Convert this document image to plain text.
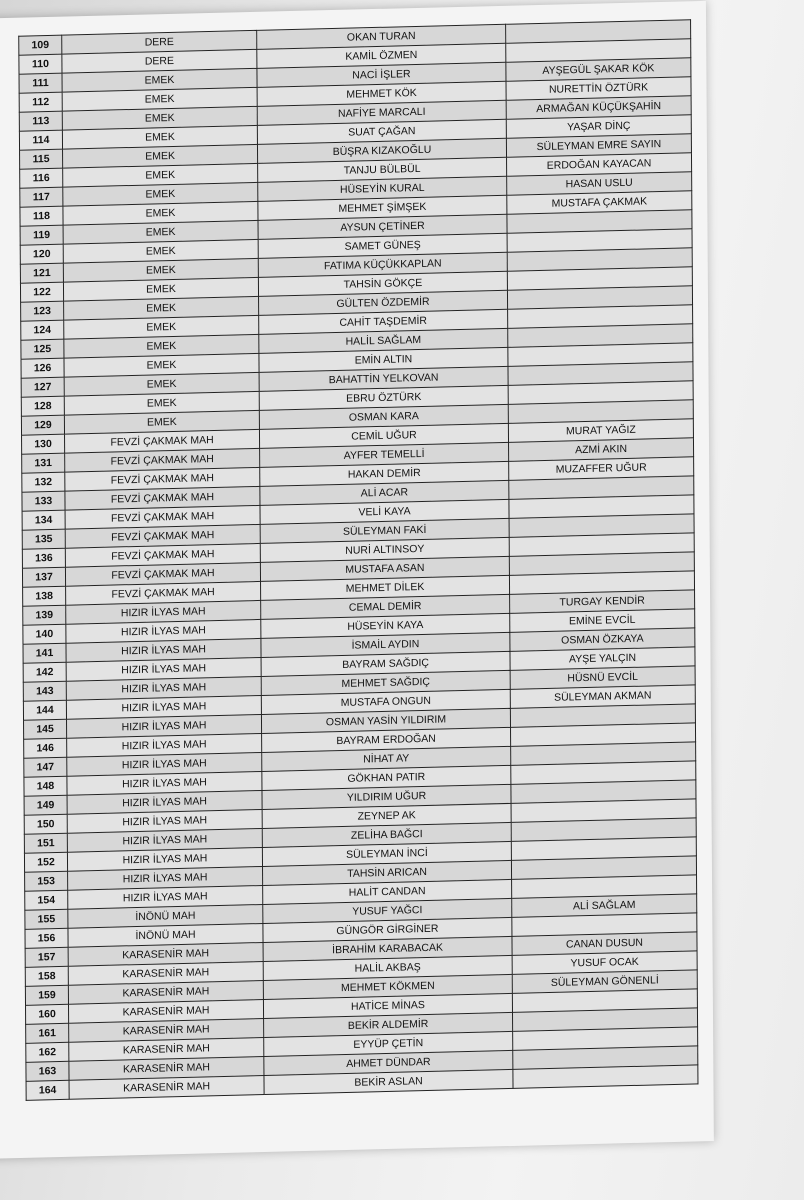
109	DERE	OKAN TURAN	
110	DERE	KAMİL ÖZMEN	
111	EMEK	NACİ İŞLER	AYŞEGÜL ŞAKAR KÖK
112	EMEK	MEHMET KÖK	NURETTİN ÖZTÜRK
113	EMEK	NAFİYE MARCALI	ARMAĞAN KÜÇÜKŞAHİN
114	EMEK	SUAT ÇAĞAN	YAŞAR DİNÇ
115	EMEK	BÜŞRA KIZAKOĞLU	SÜLEYMAN EMRE SAYIN
116	EMEK	TANJU BÜLBÜL	ERDOĞAN KAYACAN
117	EMEK	HÜSEYİN KURAL	HASAN USLU
118	EMEK	MEHMET ŞİMŞEK	MUSTAFA ÇAKMAK
119	EMEK	AYSUN ÇETİNER	
120	EMEK	SAMET GÜNEŞ	
121	EMEK	FATIMA KÜÇÜKKAPLAN	
122	EMEK	TAHSİN GÖKÇE	
123	EMEK	GÜLTEN ÖZDEMİR	
124	EMEK	CAHİT TAŞDEMİR	
125	EMEK	HALİL SAĞLAM	
126	EMEK	EMİN ALTIN	
127	EMEK	BAHATTİN YELKOVAN	
128	EMEK	EBRU ÖZTÜRK	
129	EMEK	OSMAN KARA	
130	FEVZİ ÇAKMAK MAH	CEMİL UĞUR	MURAT YAĞIZ
131	FEVZİ ÇAKMAK MAH	AYFER TEMELLİ	AZMİ AKIN
132	FEVZİ ÇAKMAK MAH	HAKAN DEMİR	MUZAFFER UĞUR
133	FEVZİ ÇAKMAK MAH	ALİ ACAR	
134	FEVZİ ÇAKMAK MAH	VELİ KAYA	
135	FEVZİ ÇAKMAK MAH	SÜLEYMAN FAKİ	
136	FEVZİ ÇAKMAK MAH	NURİ ALTINSOY	
137	FEVZİ ÇAKMAK MAH	MUSTAFA ASAN	
138	FEVZİ ÇAKMAK MAH	MEHMET DİLEK	
139	HIZIR İLYAS MAH	CEMAL DEMİR	TURGAY KENDİR
140	HIZIR İLYAS MAH	HÜSEYİN KAYA	EMİNE EVCİL
141	HIZIR İLYAS MAH	İSMAİL AYDIN	OSMAN ÖZKAYA
142	HIZIR İLYAS MAH	BAYRAM SAĞDIÇ	AYŞE YALÇIN
143	HIZIR İLYAS MAH	MEHMET SAĞDIÇ	HÜSNÜ EVCİL
144	HIZIR İLYAS MAH	MUSTAFA ONGUN	SÜLEYMAN AKMAN
145	HIZIR İLYAS MAH	OSMAN YASİN YILDIRIM	
146	HIZIR İLYAS MAH	BAYRAM ERDOĞAN	
147	HIZIR İLYAS MAH	NİHAT AY	
148	HIZIR İLYAS MAH	GÖKHAN PATIR	
149	HIZIR İLYAS MAH	YILDIRIM UĞUR	
150	HIZIR İLYAS MAH	ZEYNEP AK	
151	HIZIR İLYAS MAH	ZELİHA BAĞCI	
152	HIZIR İLYAS MAH	SÜLEYMAN İNCİ	
153	HIZIR İLYAS MAH	TAHSİN ARICAN	
154	HIZIR İLYAS MAH	HALİT CANDAN	
155	İNÖNÜ MAH	YUSUF YAĞCI	ALİ SAĞLAM
156	İNÖNÜ MAH	GÜNGÖR GİRGİNER	
157	KARASENİR MAH	İBRAHİM KARABACAK	CANAN DUSUN
158	KARASENİR MAH	HALİL AKBAŞ	YUSUF OCAK
159	KARASENİR MAH	MEHMET KÖKMEN	SÜLEYMAN GÖNENLİ
160	KARASENİR MAH	HATİCE MİNAS	
161	KARASENİR MAH	BEKİR ALDEMİR	
162	KARASENİR MAH	EYYÜP ÇETİN	
163	KARASENİR MAH	AHMET DÜNDAR	
164	KARASENİR MAH	BEKİR ASLAN	
